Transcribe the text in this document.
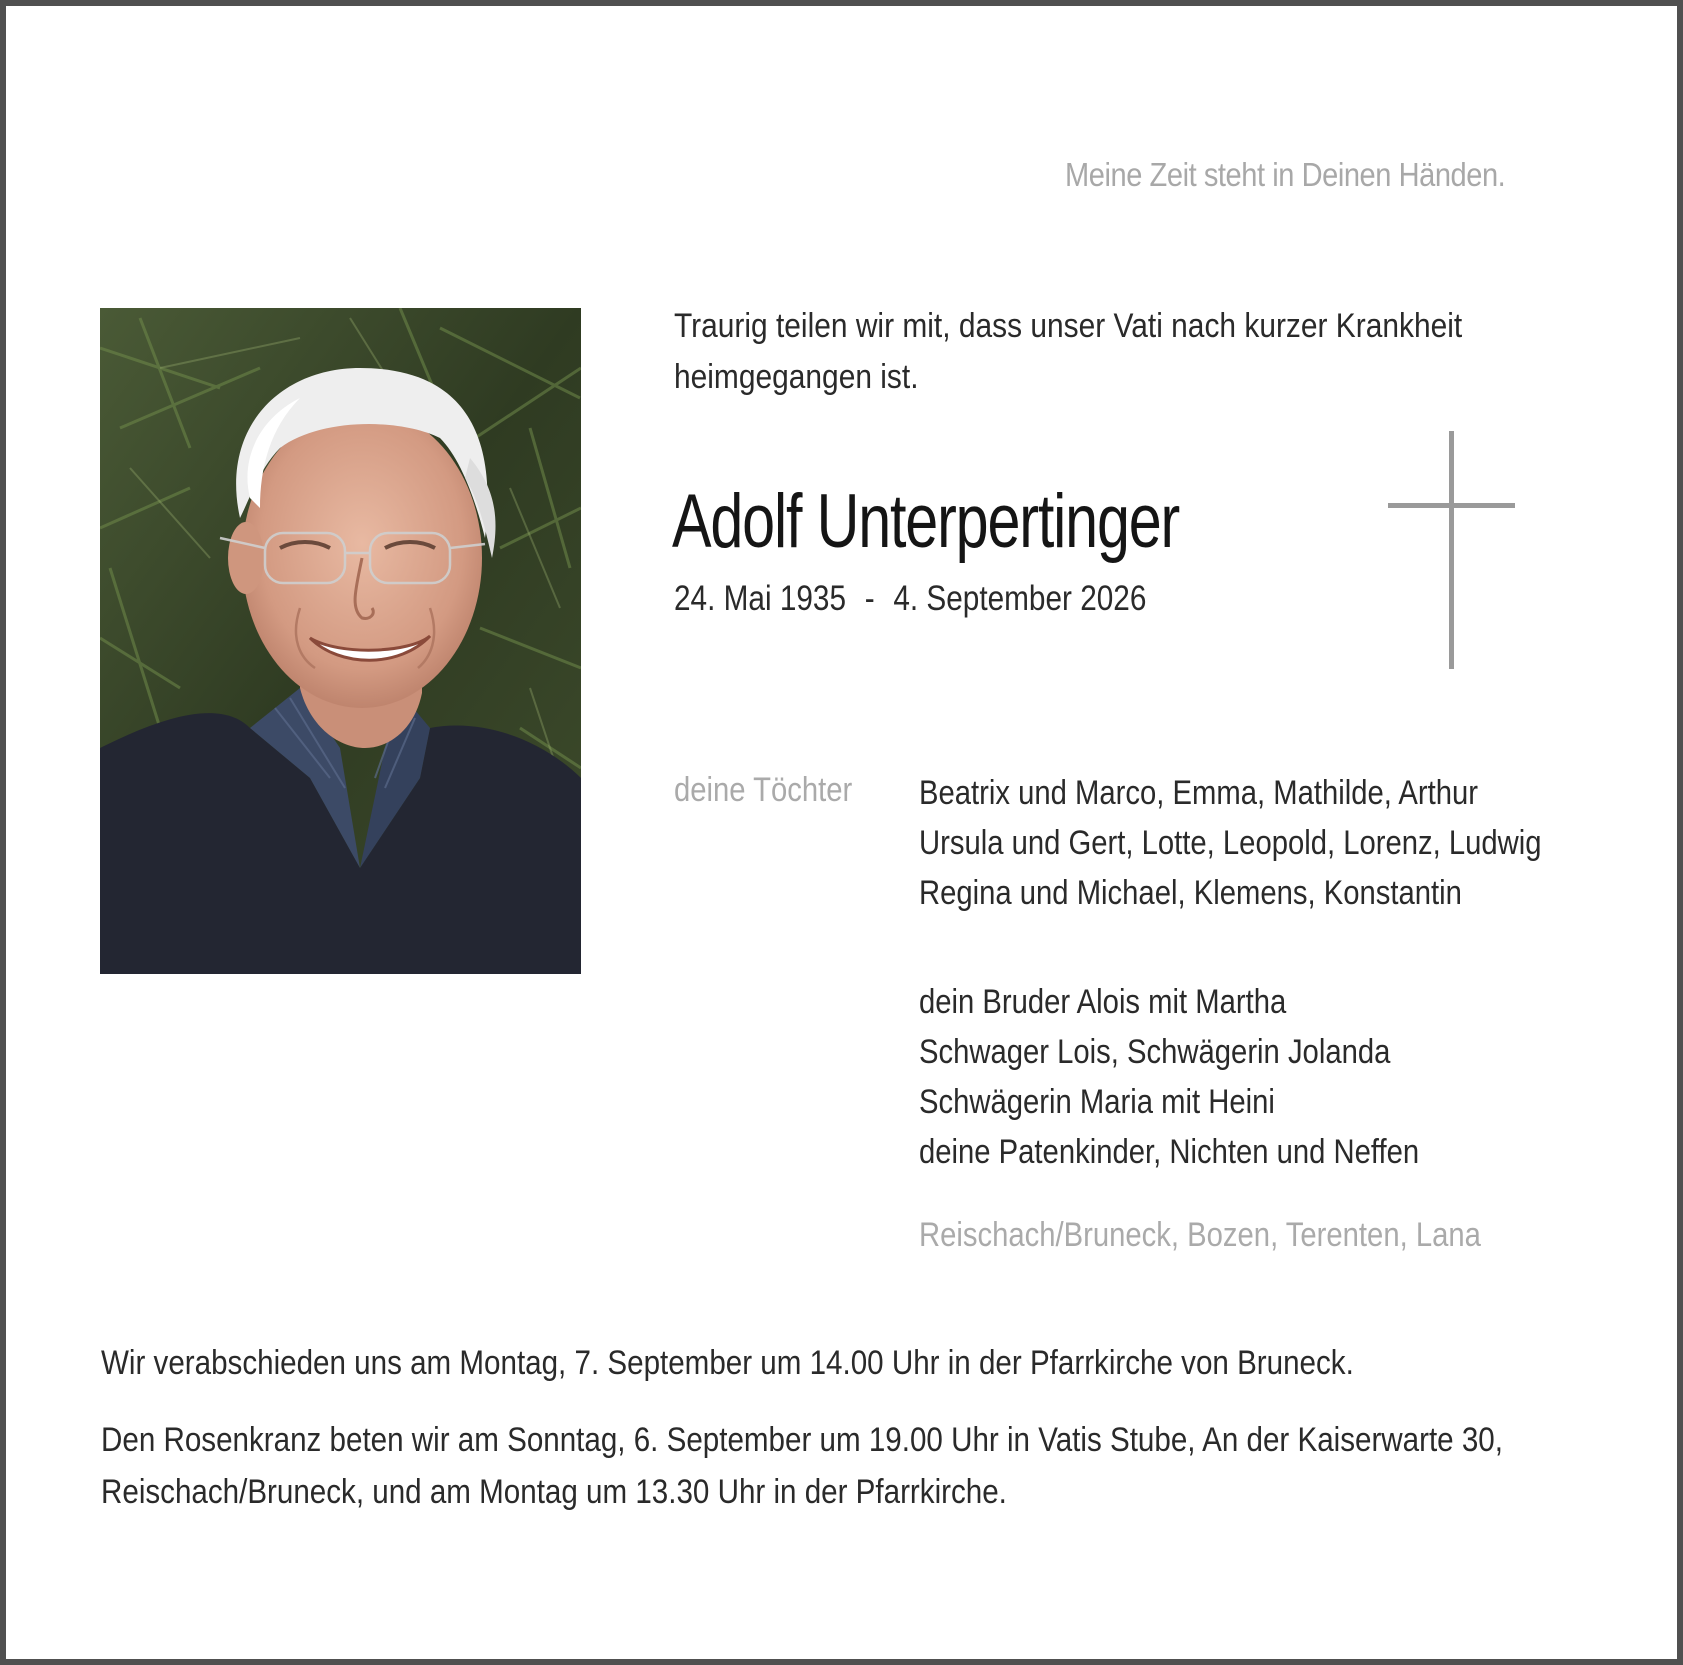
Meine Zeit steht in Deinen Händen.
Traurig teilen wir mit, dass unser Vati nach kurzer Krankheit
heimgegangen ist.
Adolf Unterpertinger
24. Mai 1935 - 4. September 2026
deine Töchter Beatrix und Marco, Emma, Mathilde, Arthur
Ursula und Gert, Lotte, Leopold, Lorenz, Ludwig
Regina und Michael, Klemens, Konstantin
dein Bruder Alois mit Martha
Schwager Lois, Schwägerin Jolanda
Schwägerin Maria mit Heini
deine Patenkinder, Nichten und Neffen
Reischach/Bruneck, Bozen, Terenten, Lana
Wir verabschieden uns am Montag, 7. September um 14.00 Uhr in der Pfarrkirche von Bruneck.
Den Rosenkranz beten wir am Sonntag, 6. September um 19.00 Uhr in Vatis Stube, An der Kaiserwarte 30,
Reischach/Bruneck, und am Montag um 13.30 Uhr in der Pfarrkirche.
